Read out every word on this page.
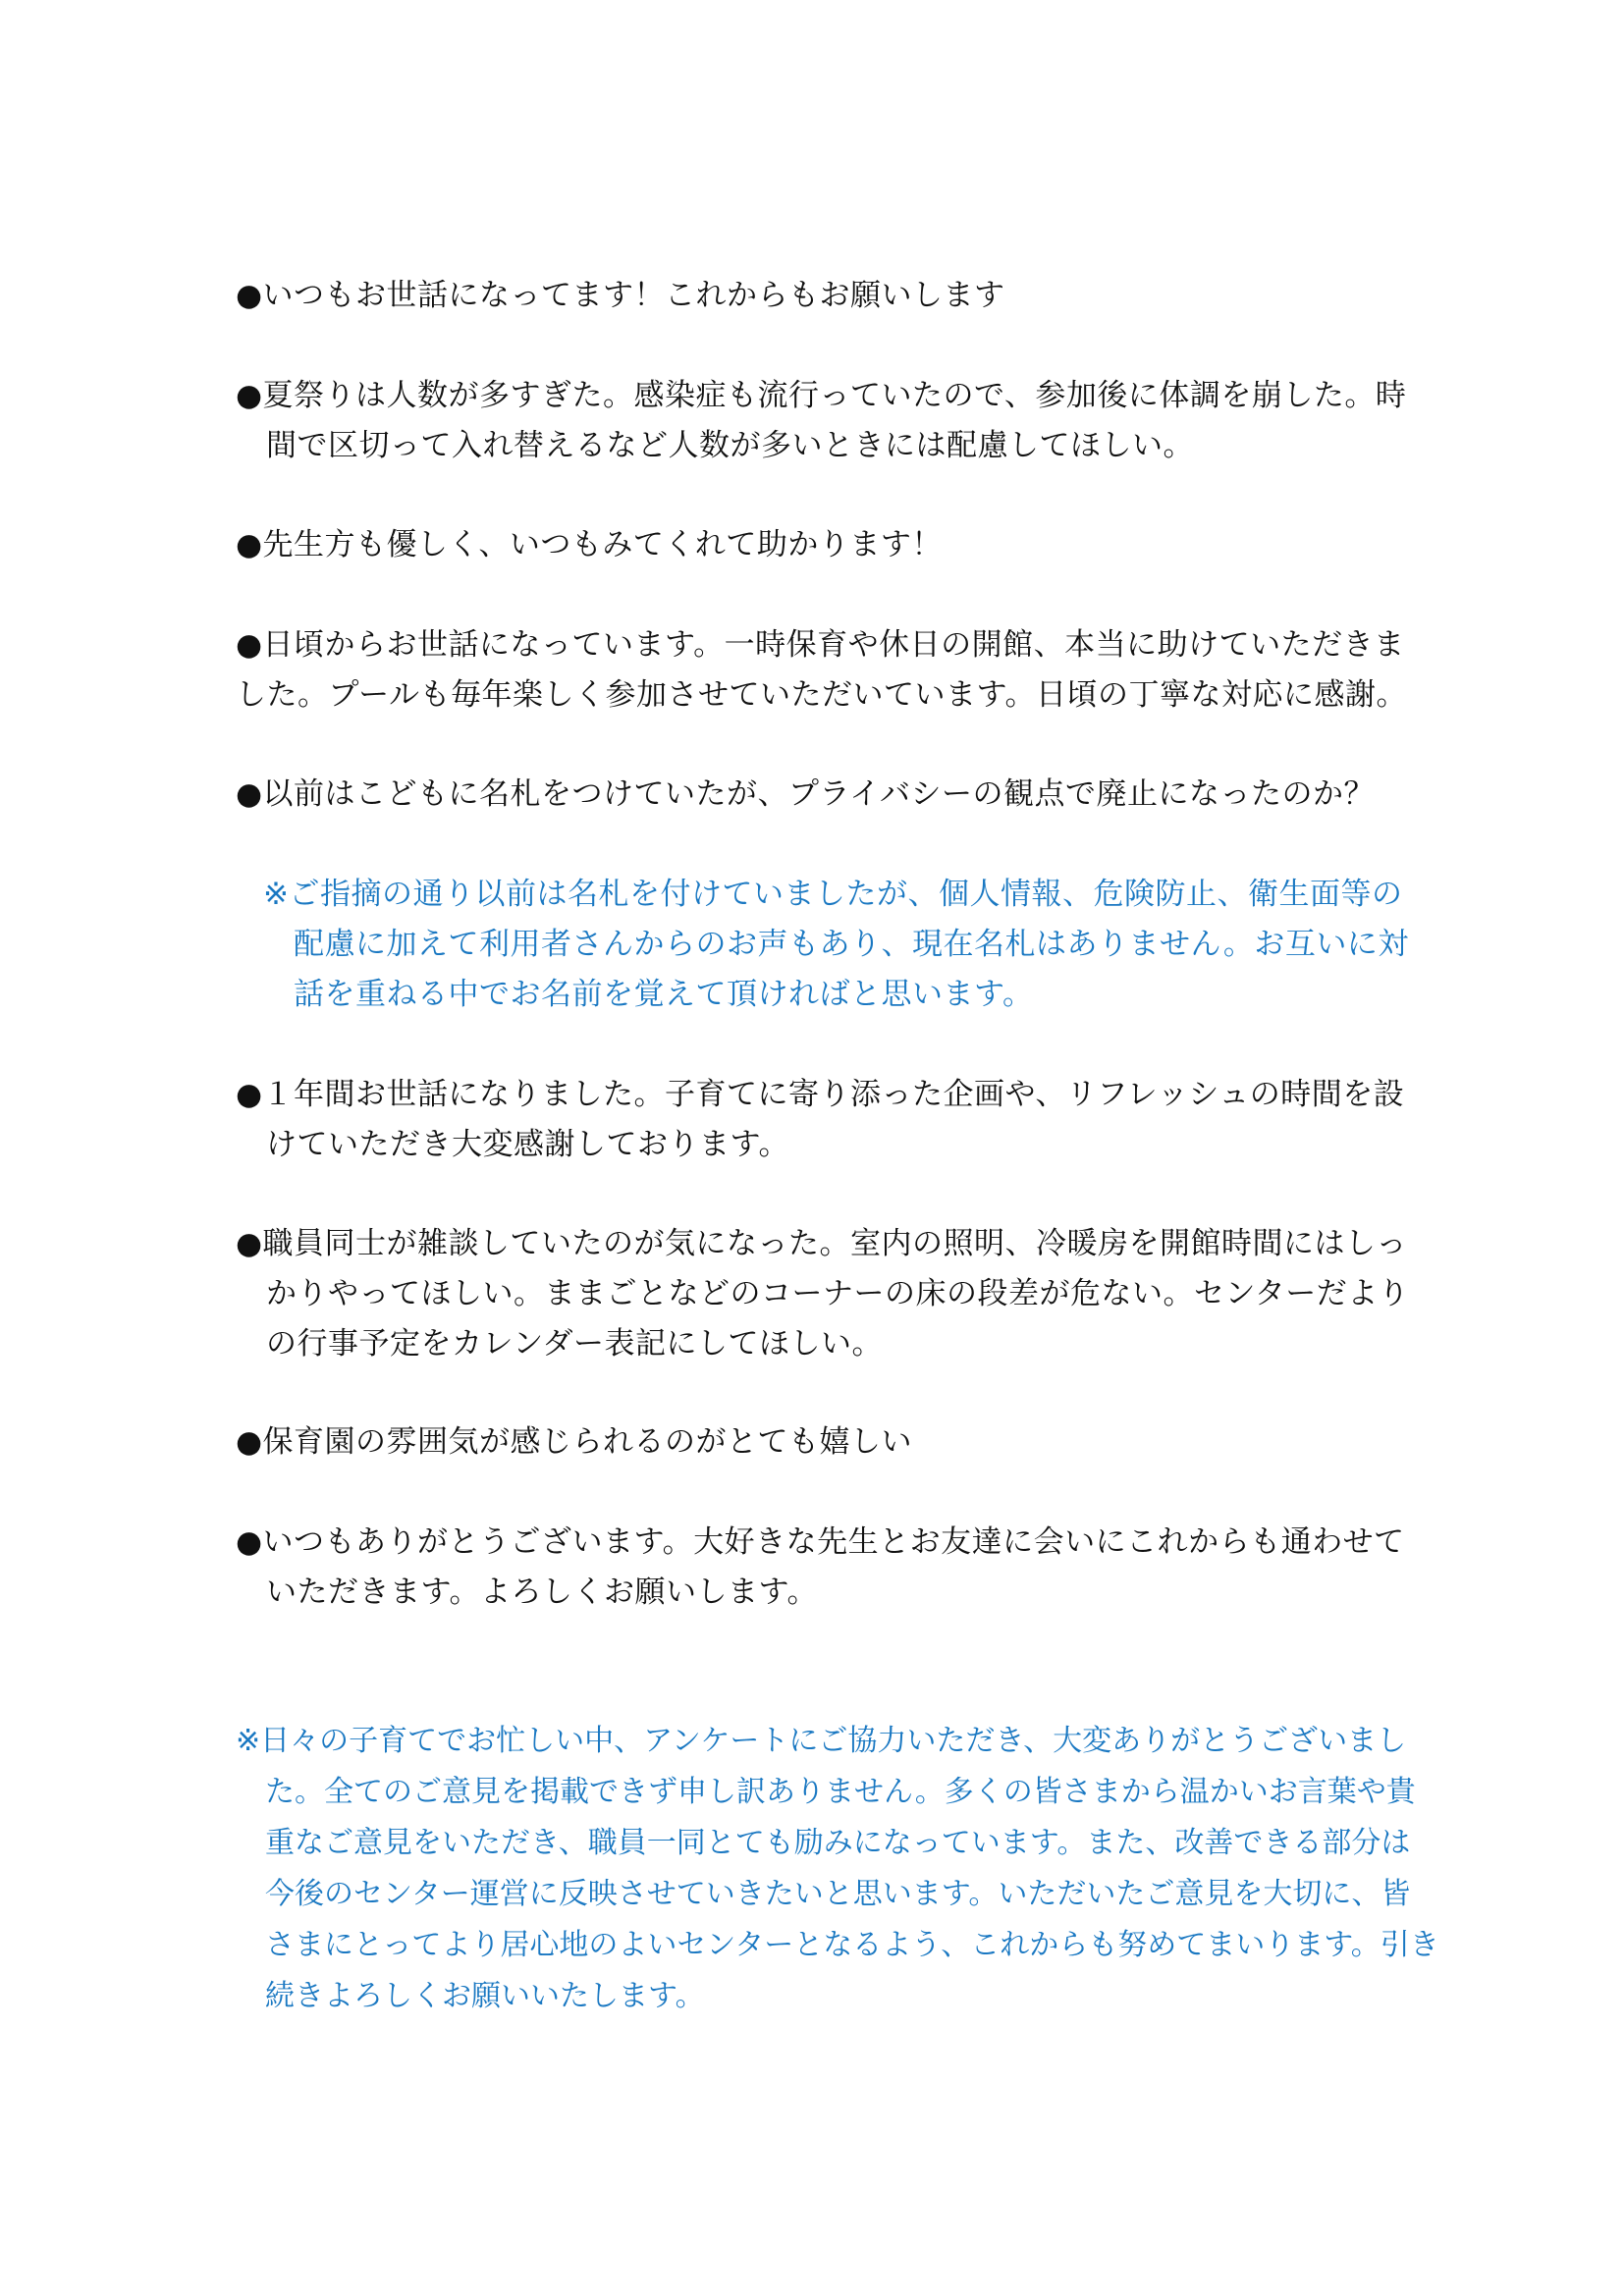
●いつもお世話になってます！これからもお願いします
●夏祭りは人数が多すぎた。感染症も流行っていたので、参加後に体調を崩した。時
間で区切って入れ替えるなど人数が多いときには配慮してほしい。
●先生方も優しく、いつもみてくれて助かります！
●日頃からお世話になっています。一時保育や休日の開館、本当に助けていただきま
した。プールも毎年楽しく参加させていただいています。日頃の丁寧な対応に感謝。
●以前はこどもに名札をつけていたが、プライバシーの観点で廃止になったのか？
※ご指摘の通り以前は名札を付けていましたが、個人情報、危険防止、衛生面等の
配慮に加えて利用者さんからのお声もあり、現在名札はありません。お互いに対
話を重ねる中でお名前を覚えて頂ければと思います。
●１年間お世話になりました。子育てに寄り添った企画や、リフレッシュの時間を設
けていただき大変感謝しております。
●職員同士が雑談していたのが気になった。室内の照明、冷暖房を開館時間にはしっ
かりやってほしい。ままごとなどのコーナーの床の段差が危ない。センターだより
の行事予定をカレンダー表記にしてほしい。
●保育園の雰囲気が感じられるのがとても嬉しい
●いつもありがとうございます。大好きな先生とお友達に会いにこれからも通わせて
いただきます。よろしくお願いします。
※日々の子育てでお忙しい中、アンケートにご協力いただき、大変ありがとうございまし
た。全てのご意見を掲載できず申し訳ありません。多くの皆さまから温かいお言葉や貴
重なご意見をいただき、職員一同とても励みになっています。また、改善できる部分は
今後のセンター運営に反映させていきたいと思います。いただいたご意見を大切に、皆
さまにとってより居心地のよいセンターとなるよう、これからも努めてまいります。引き
続きよろしくお願いいたします。
